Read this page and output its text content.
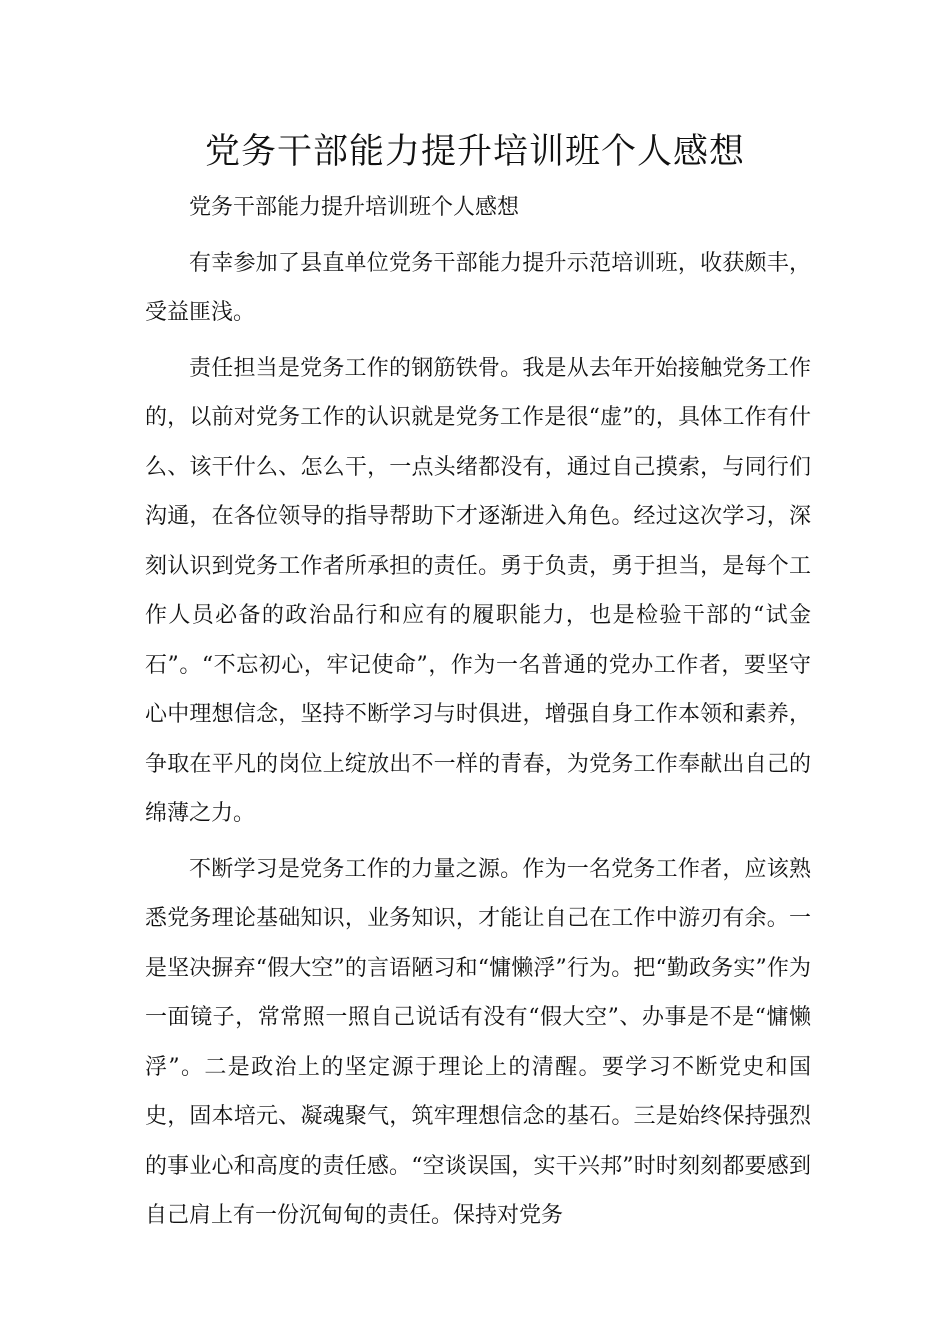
党务干部能力提升培训班个人感想

党务干部能力提升培训班个人感想

有幸参加了县直单位党务干部能力提升示范培训班，收获颇丰，受益匪浅。

责任担当是党务工作的钢筋铁骨。我是从去年开始接触党务工作的，以前对党务工作的认识就是党务工作是很“虚”的，具体工作有什么、该干什么、怎么干，一点头绪都没有，通过自己摸索，与同行们沟通，在各位领导的指导帮助下才逐渐进入角色。经过这次学习，深刻认识到党务工作者所承担的责任。勇于负责，勇于担当，是每个工作人员必备的政治品行和应有的履职能力，也是检验干部的“试金石”。“不忘初心，牢记使命”，作为一名普通的党办工作者，要坚守心中理想信念，坚持不断学习与时俱进，增强自身工作本领和素养，争取在平凡的岗位上绽放出不一样的青春，为党务工作奉献出自己的绵薄之力。

不断学习是党务工作的力量之源。作为一名党务工作者，应该熟悉党务理论基础知识，业务知识，才能让自己在工作中游刃有余。一是坚决摒弃“假大空”的言语陋习和“慵懒浮”行为。把“勤政务实”作为一面镜子，常常照一照自己说话有没有“假大空”、办事是不是“慵懒浮”。二是政治上的坚定源于理论上的清醒。要学习不断党史和国史，固本培元、凝魂聚气，筑牢理想信念的基石。三是始终保持强烈的事业心和高度的责任感。“空谈误国，实干兴邦”时时刻刻都要感到自己肩上有一份沉甸甸的责任。保持对党务
